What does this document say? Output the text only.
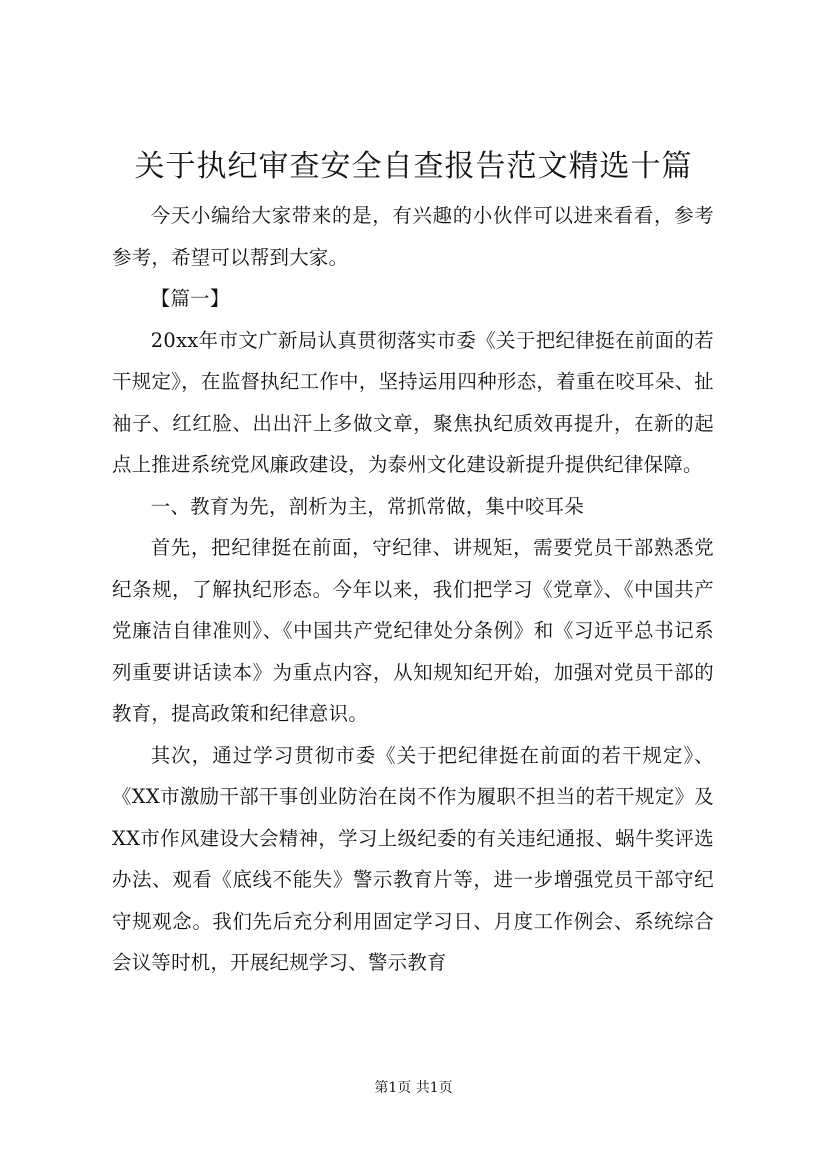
关于执纪审查安全自查报告范文精选十篇

今天小编给大家带来的是，有兴趣的小伙伴可以进来看看，参考参考，希望可以帮到大家。

【篇一】

20xx年市文广新局认真贯彻落实市委《关于把纪律挺在前面的若干规定》，在监督执纪工作中，坚持运用四种形态，着重在咬耳朵、扯袖子、红红脸、出出汗上多做文章，聚焦执纪质效再提升，在新的起点上推进系统党风廉政建设，为泰州文化建设新提升提供纪律保障。

一、教育为先，剖析为主，常抓常做，集中咬耳朵

首先，把纪律挺在前面，守纪律、讲规矩，需要党员干部熟悉党纪条规，了解执纪形态。今年以来，我们把学习《党章》、《中国共产党廉洁自律准则》、《中国共产党纪律处分条例》和《习近平总书记系列重要讲话读本》为重点内容，从知规知纪开始，加强对党员干部的教育，提高政策和纪律意识。

其次，通过学习贯彻市委《关于把纪律挺在前面的若干规定》、《XX市激励干部干事创业防治在岗不作为履职不担当的若干规定》及XX市作风建设大会精神，学习上级纪委的有关违纪通报、蜗牛奖评选办法、观看《底线不能失》警示教育片等，进一步增强党员干部守纪守规观念。我们先后充分利用固定学习日、月度工作例会、系统综合会议等时机，开展纪规学习、警示教育

第1页 共1页
